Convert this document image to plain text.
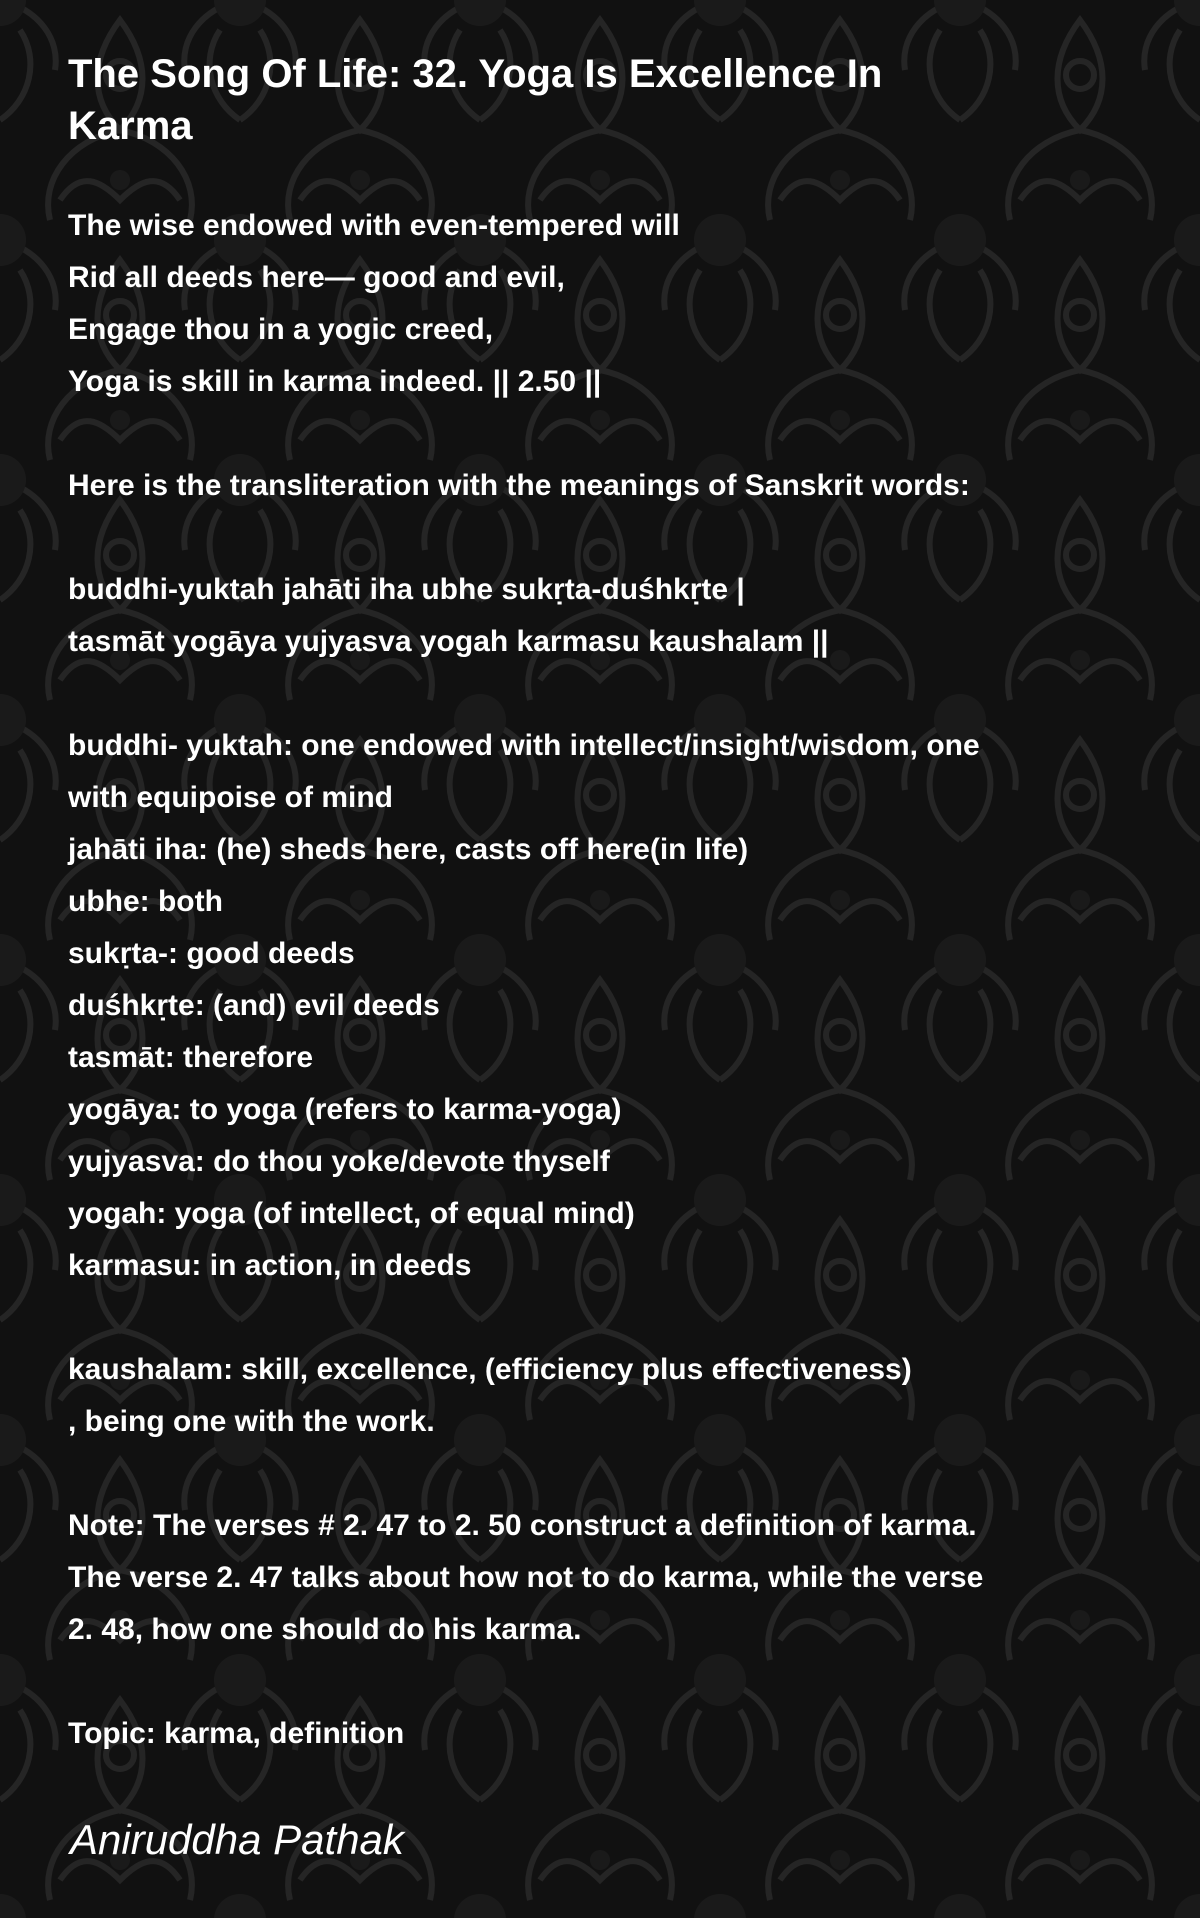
The Song Of Life: 32. Yoga Is Excellence In
Karma
The wise endowed with even-tempered will
Rid all deeds here— good and evil,
Engage thou in a yogic creed,
Yoga is skill in karma indeed. || 2.50 ||
Here is the transliteration with the meanings of Sanskrit words:
buddhi-yuktah jahāti iha ubhe sukṛta-duśhkṛte |
tasmāt yogāya yujyasva yogah karmasu kaushalam ||
buddhi- yuktah: one endowed with intellect/insight/wisdom, one
with equipoise of mind
jahāti iha: (he) sheds here, casts off here(in life)
ubhe: both
sukṛta-: good deeds
duśhkṛte: (and) evil deeds
tasmāt: therefore
yogāya: to yoga (refers to karma-yoga)
yujyasva: do thou yoke/devote thyself
yogah: yoga (of intellect, of equal mind)
karmasu: in action, in deeds
kaushalam: skill, excellence, (efficiency plus effectiveness)
, being one with the work.
Note: The verses # 2. 47 to 2. 50 construct a definition of karma.
The verse 2. 47 talks about how not to do karma, while the verse
2. 48, how one should do his karma.
Topic: karma, definition
Aniruddha Pathak
